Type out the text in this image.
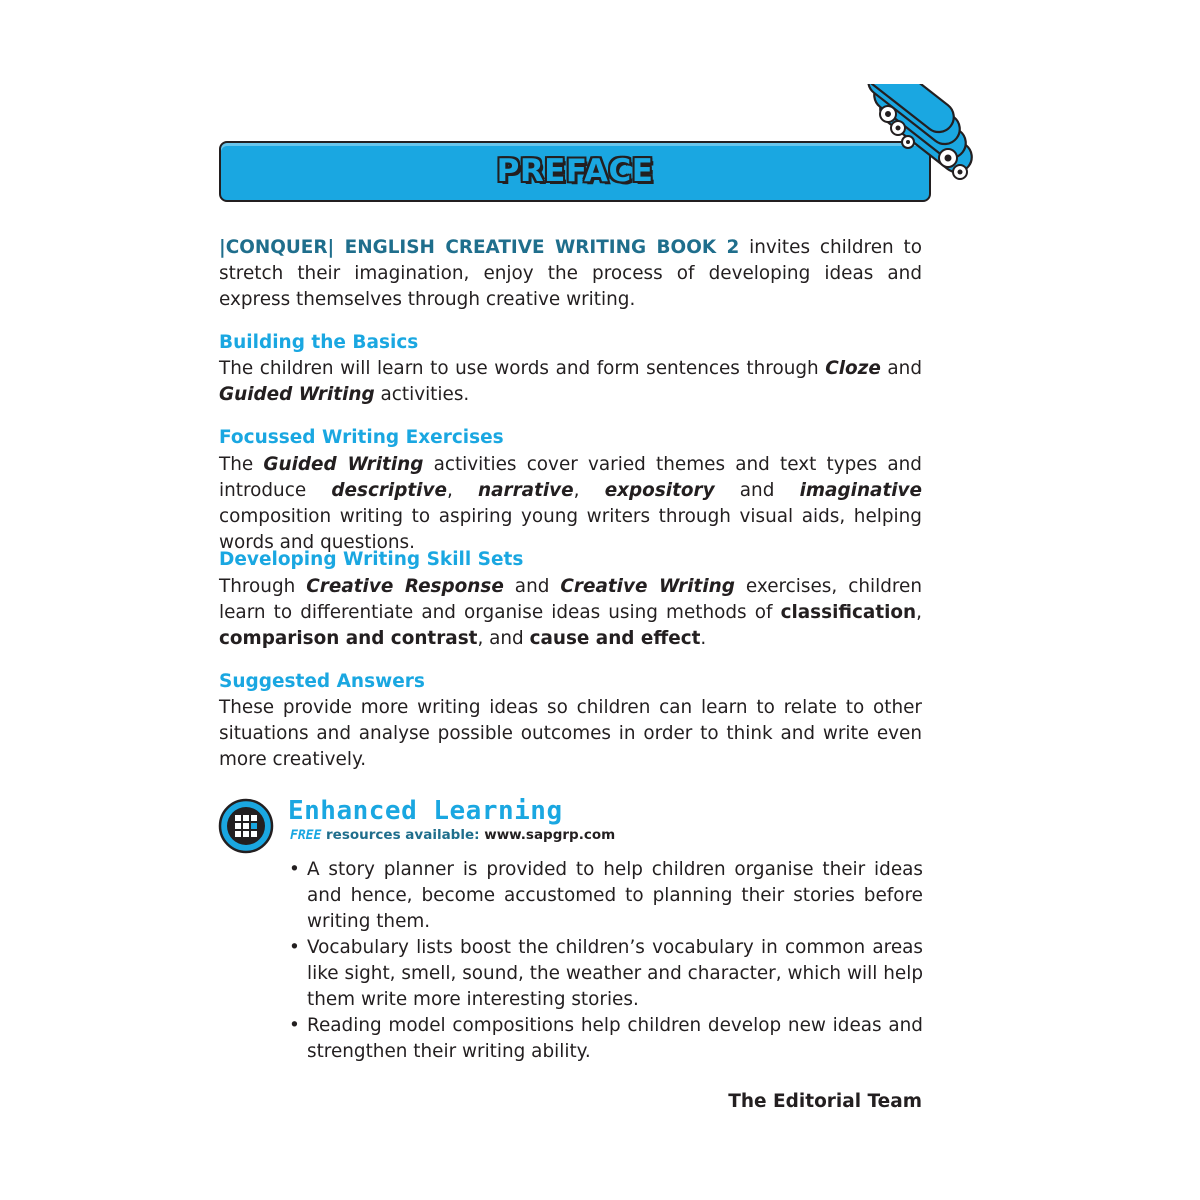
PREFACE
|CONQUER| ENGLISH CREATIVE WRITING BOOK 2 invites children to stretch their imagination, enjoy the process of developing ideas and express themselves through creative writing.
Building the Basics
The children will learn to use words and form sentences through Cloze and Guided Writing activities.
Focussed Writing Exercises
The Guided Writing activities cover varied themes and text types and introduce descriptive, narrative, expository and imaginative composition writing to aspiring young writers through visual aids, helping words and questions.
Developing Writing Skill Sets
Through Creative Response and Creative Writing exercises, children learn to differentiate and organise ideas using methods of classification, comparison and contrast, and cause and effect.
Suggested Answers
These provide more writing ideas so children can learn to relate to other situations and analyse possible outcomes in order to think and write even more creatively.
Enhanced Learning
FREE resources available: www.sapgrp.com
• A story planner is provided to help children organise their ideas and hence, become accustomed to planning their stories before writing them.
• Vocabulary lists boost the children’s vocabulary in common areas like sight, smell, sound, the weather and character, which will help them write more interesting stories.
• Reading model compositions help children develop new ideas and strengthen their writing ability.
The Editorial Team
